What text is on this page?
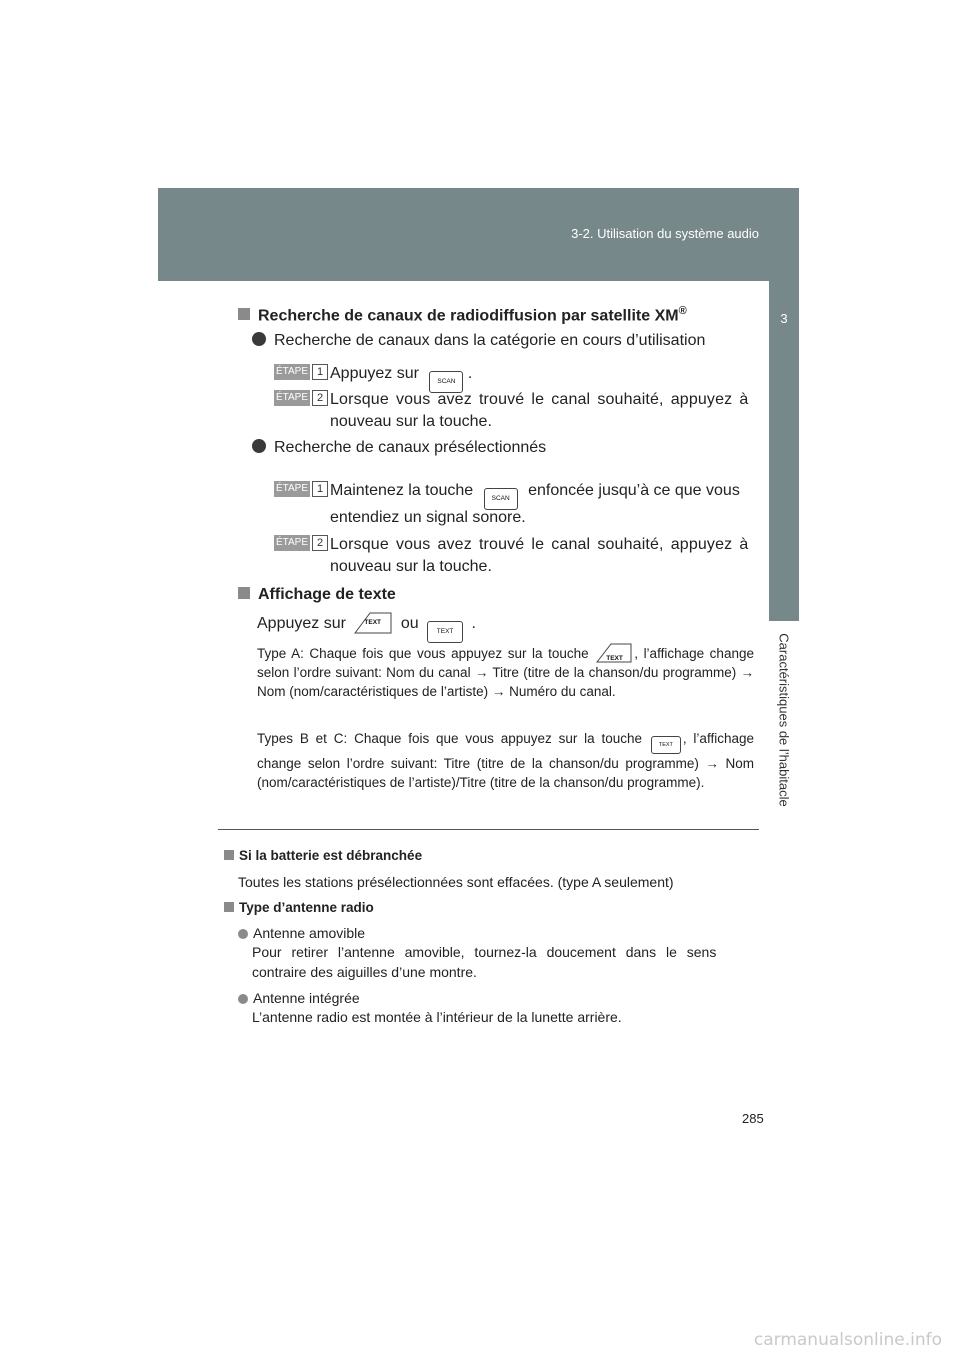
3-2. Utilisation du système audio
3
Caractéristiques de l’habitacle
Recherche de canaux de radiodiffusion par satellite XM®
Recherche de canaux dans la catégorie en cours d’utilisation
ÉTAPE 1 Appuyez sur	SCAN .
ÉTAPE 2 Lorsque vous avez trouvé le canal souhaité, appuyez à
nouveau sur la touche.
Recherche de canaux présélectionnés
ÉTAPE 1 Maintenez la touche	SCAN enfoncée jusqu’à ce que vous
entendiez un signal sonore.
ÉTAPE 2 Lorsque vous avez trouvé le canal souhaité, appuyez à
nouveau sur la touche.
Affichage de texte
Appuyez sur	TEXT ou	TEXT .
Type A: Chaque fois que vous appuyez sur la touche	TEXT , l’affichage change selon l’ordre suivant: Nom du canal → Titre (titre de la chanson/du programme) → Nom (nom/caractéristiques de l’artiste) → Numéro du canal.
Types B et C: Chaque fois que vous appuyez sur la touche	TEXT , l’affichage change selon l’ordre suivant: Titre (titre de la chanson/du programme) → Nom (nom/caractéristiques de l’artiste)/Titre (titre de la chanson/du programme).
Si la batterie est débranchée
Toutes les stations présélectionnées sont effacées. (type A seulement)
Type d’antenne radio
Antenne amovible
Pour retirer l’antenne amovible, tournez-la doucement dans le sens
contraire des aiguilles d’une montre.
Antenne intégrée
L’antenne radio est montée à l’intérieur de la lunette arrière.
285
carmanualsonline.info
